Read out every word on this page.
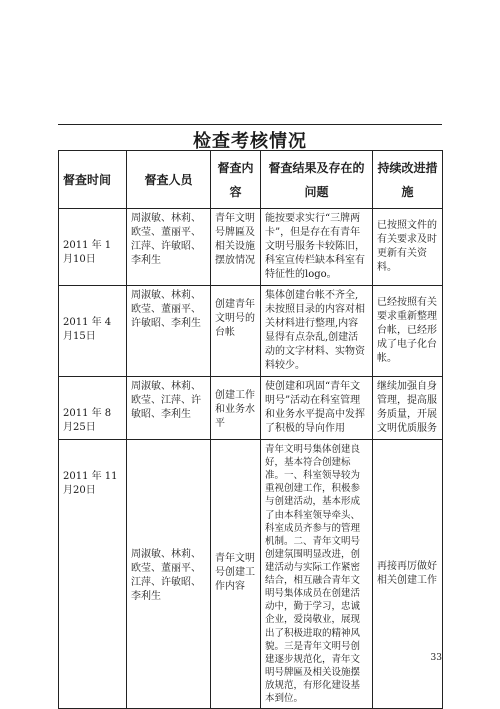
检查考核情况
督查时间	督查人员	督查内容	督查结果及存在的问题	持续改进措施
2011 年 1 月10日	周淑敏、林莉、欧莹、董丽平、江萍、许敏昭、李利生	青年文明号牌匾及相关设施摆放情况	能按要求实行“三牌两卡”，但是存在有青年文明号服务卡较陈旧，科室宣传栏缺本科室有特征性的logo。	已按照文件的有关要求及时更新有关资料。
2011 年 4 月15日	周淑敏、林莉、欧莹、董丽平、许敏昭、李利生	创建青年文明号的台帐	集体创建台帐不齐全,未按照目录的内容对相关材料进行整理,内容显得有点杂乱,创建活动的文字材料、实物资料较少。	已经按照有关要求重新整理台帐，已经形成了电子化台帐。
2011 年 8 月25日	周淑敏、林莉、欧莹、江萍、许敏昭、李利生	创建工作和业务水平	使创建和巩固“青年文明号”活动在科室管理和业务水平提高中发挥了积极的导向作用	继续加强自身管理，提高服务质量，开展文明优质服务
2011 年 11 月20日	周淑敏、林莉、欧莹、董丽平、江萍、许敏昭、李利生	青年文明号创建工作内容	青年文明号集体创建良好，基本符合创建标准。一、科室领导较为重视创建工作，积极参与创建活动，基本形成了由本科室领导牵头、科室成员齐参与的管理机制。二、青年文明号创建氛围明显改进，创建活动与实际工作紧密结合，相互融合青年文明号集体成员在创建活动中，勤于学习，忠诚企业，爱岗敬业，展现出了积极进取的精神风貌。三是青年文明号创建逐步规范化，青年文明号牌匾及相关设施摆放规范，有形化建设基本到位。	再接再厉做好相关创建工作
33
